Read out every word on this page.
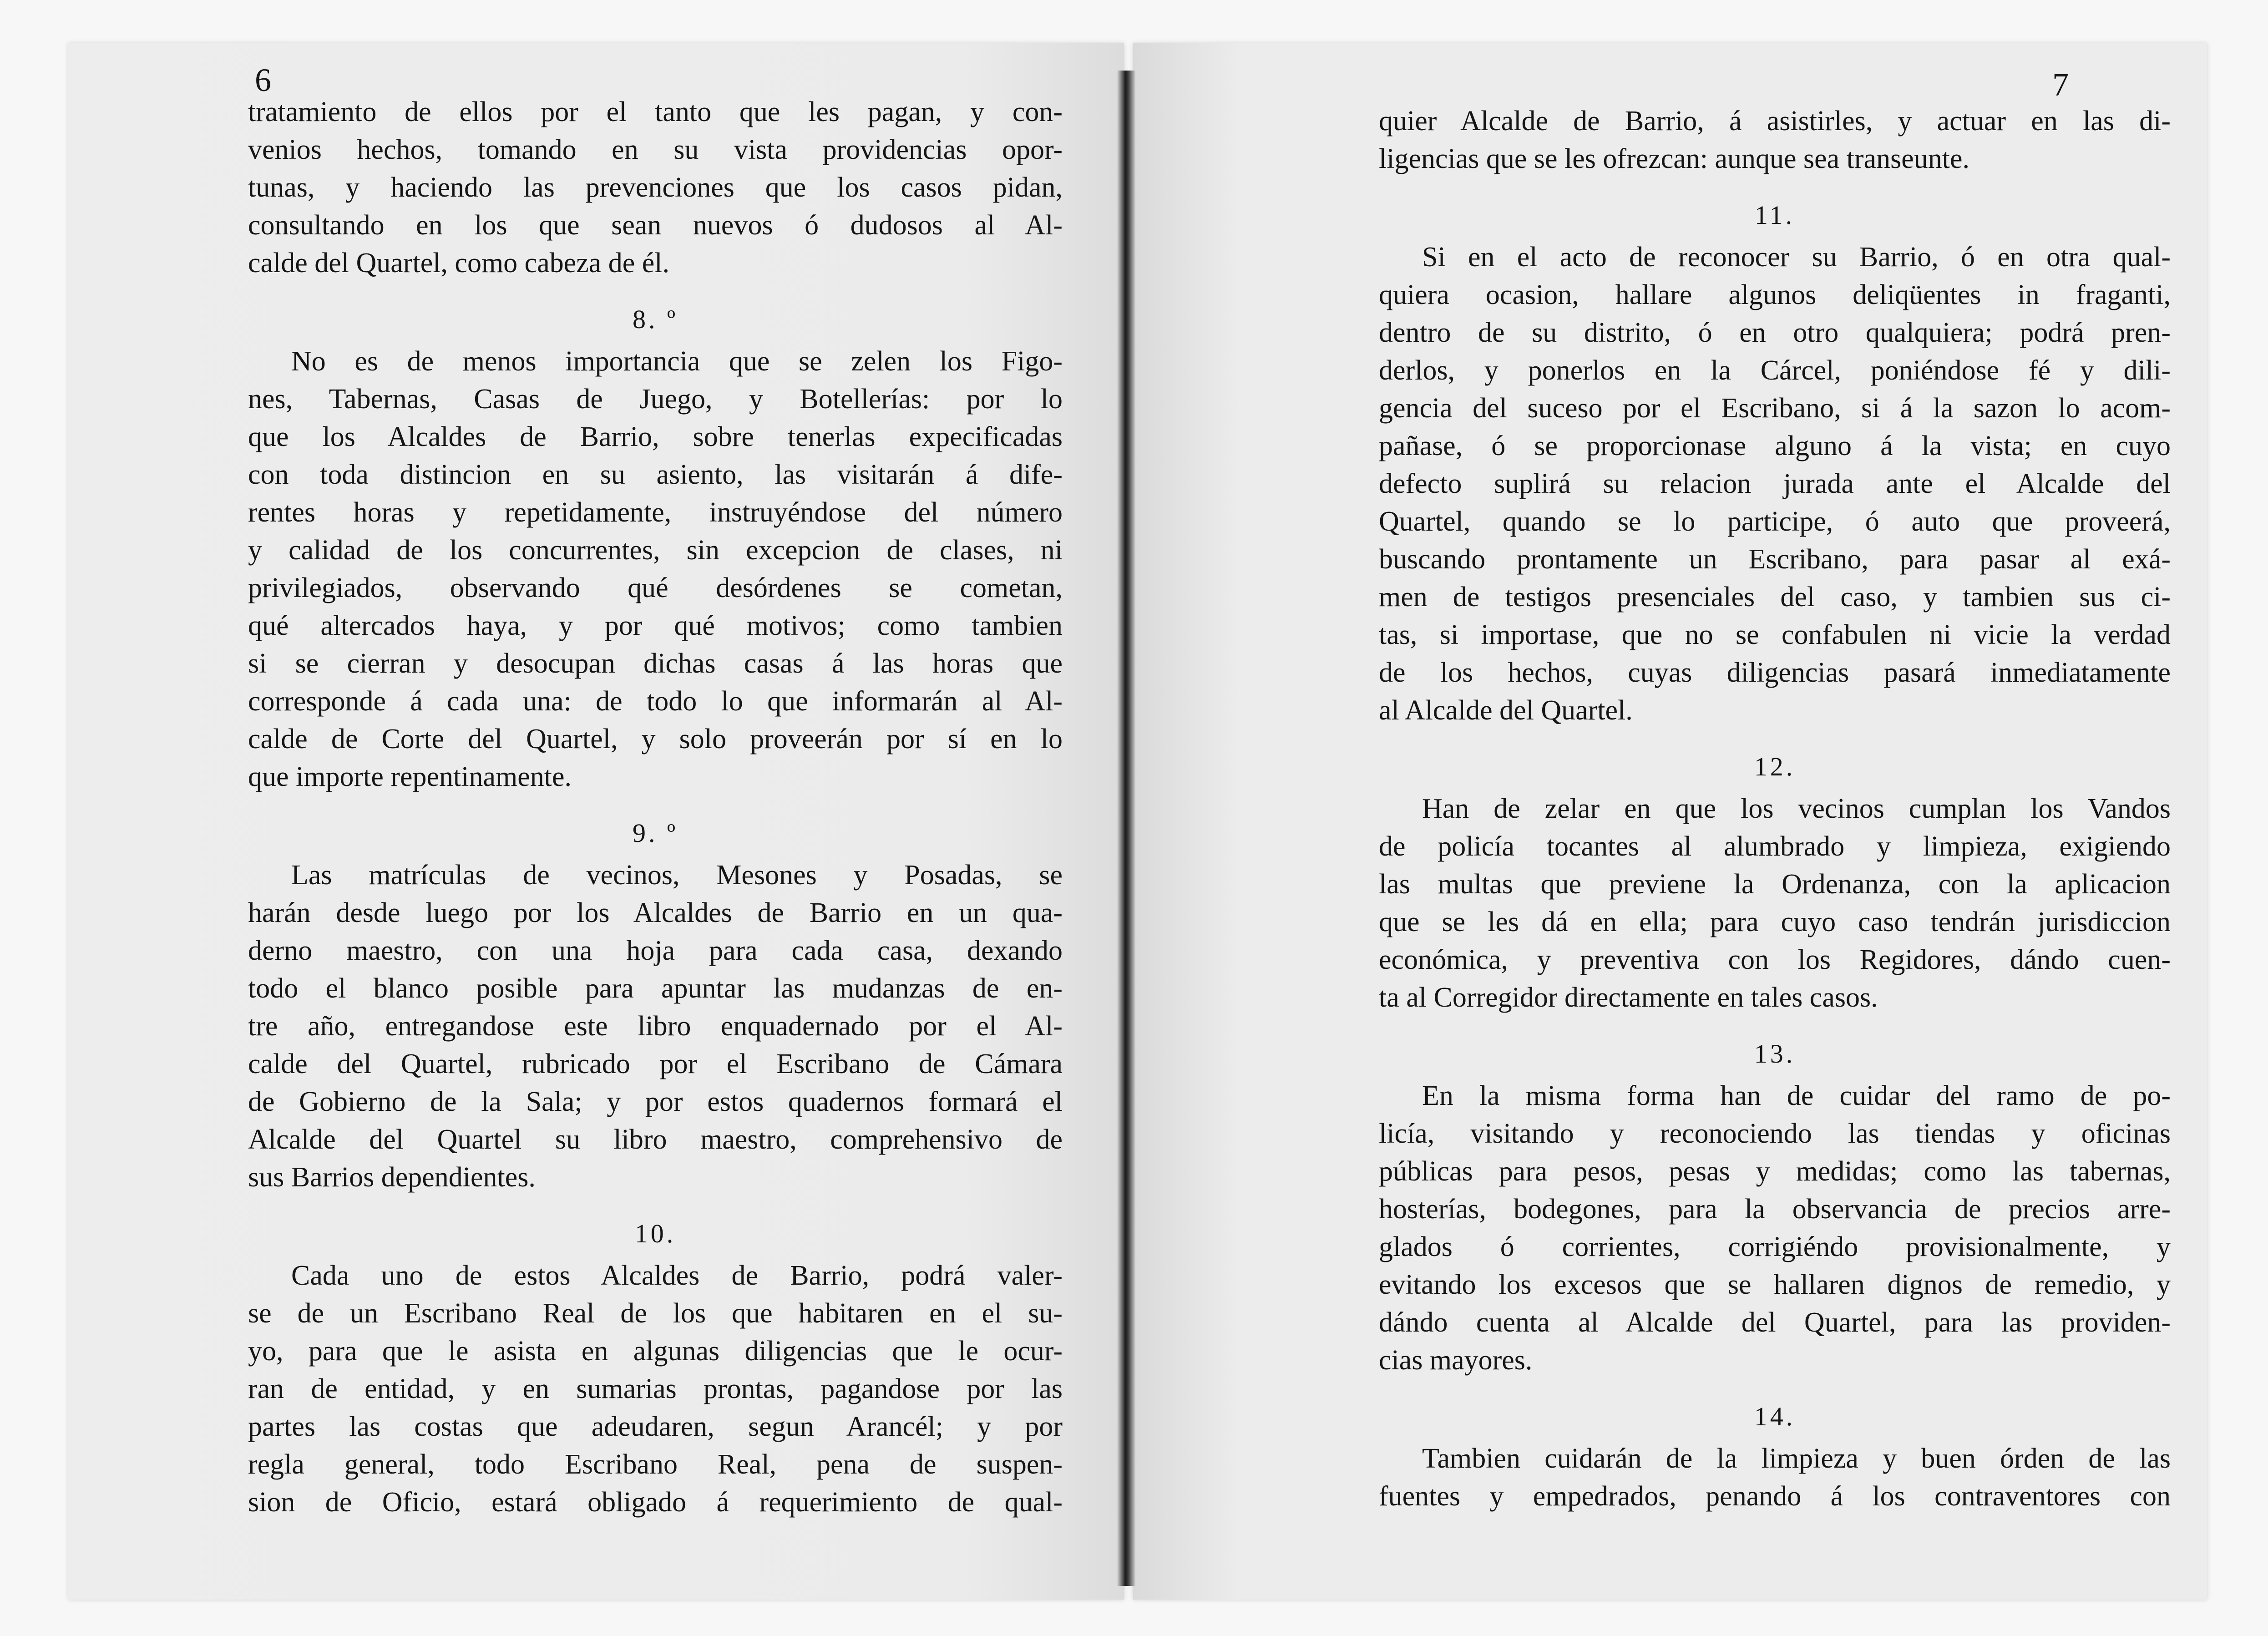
6
tratamiento de ellos por el tanto que les pagan, y con-
venios hechos, tomando en su vista providencias opor-
tunas, y haciendo las prevenciones que los casos pidan,
consultando en los que sean nuevos ó dudosos al Al-
calde del Quartel, como cabeza de él.
8. º
No es de menos importancia que se zelen los Figo-
nes, Tabernas, Casas de Juego, y Botellerías: por lo
que los Alcaldes de Barrio, sobre tenerlas expecificadas
con toda distincion en su asiento, las visitarán á dife-
rentes horas y repetidamente, instruyéndose del número
y calidad de los concurrentes, sin excepcion de clases, ni
privilegiados, observando qué desórdenes se cometan,
qué altercados haya, y por qué motivos; como tambien
si se cierran y desocupan dichas casas á las horas que
corresponde á cada una: de todo lo que informarán al Al-
calde de Corte del Quartel, y solo proveerán por sí en lo
que importe repentinamente.
9. º
Las matrículas de vecinos, Mesones y Posadas, se
harán desde luego por los Alcaldes de Barrio en un qua-
derno maestro, con una hoja para cada casa, dexando
todo el blanco posible para apuntar las mudanzas de en-
tre año, entregandose este libro enquadernado por el Al-
calde del Quartel, rubricado por el Escribano de Cámara
de Gobierno de la Sala; y por estos quadernos formará el
Alcalde del Quartel su libro maestro, comprehensivo de
sus Barrios dependientes.
10.
Cada uno de estos Alcaldes de Barrio, podrá valer-
se de un Escribano Real de los que habitaren en el su-
yo, para que le asista en algunas diligencias que le ocur-
ran de entidad, y en sumarias prontas, pagandose por las
partes las costas que adeudaren, segun Arancél; y por
regla general, todo Escribano Real, pena de suspen-
sion de Oficio, estará obligado á requerimiento de qual-
7
quier Alcalde de Barrio, á asistirles, y actuar en las di-
ligencias que se les ofrezcan: aunque sea transeunte.
11.
Si en el acto de reconocer su Barrio, ó en otra qual-
quiera ocasion, hallare algunos deliqüentes in fraganti,
dentro de su distrito, ó en otro qualquiera; podrá pren-
derlos, y ponerlos en la Cárcel, poniéndose fé y dili-
gencia del suceso por el Escribano, si á la sazon lo acom-
pañase, ó se proporcionase alguno á la vista; en cuyo
defecto suplirá su relacion jurada ante el Alcalde del
Quartel, quando se lo participe, ó auto que proveerá,
buscando prontamente un Escribano, para pasar al exá-
men de testigos presenciales del caso, y tambien sus ci-
tas, si importase, que no se confabulen ni vicie la verdad
de los hechos, cuyas diligencias pasará inmediatamente
al Alcalde del Quartel.
12.
Han de zelar en que los vecinos cumplan los Vandos
de policía tocantes al alumbrado y limpieza, exigiendo
las multas que previene la Ordenanza, con la aplicacion
que se les dá en ella; para cuyo caso tendrán jurisdiccion
económica, y preventiva con los Regidores, dándo cuen-
ta al Corregidor directamente en tales casos.
13.
En la misma forma han de cuidar del ramo de po-
licía, visitando y reconociendo las tiendas y oficinas
públicas para pesos, pesas y medidas; como las tabernas,
hosterías, bodegones, para la observancia de precios arre-
glados ó corrientes, corrigiéndo provisionalmente, y
evitando los excesos que se hallaren dignos de remedio, y
dándo cuenta al Alcalde del Quartel, para las providen-
cias mayores.
14.
Tambien cuidarán de la limpieza y buen órden de las
fuentes y empedrados, penando á los contraventores con
